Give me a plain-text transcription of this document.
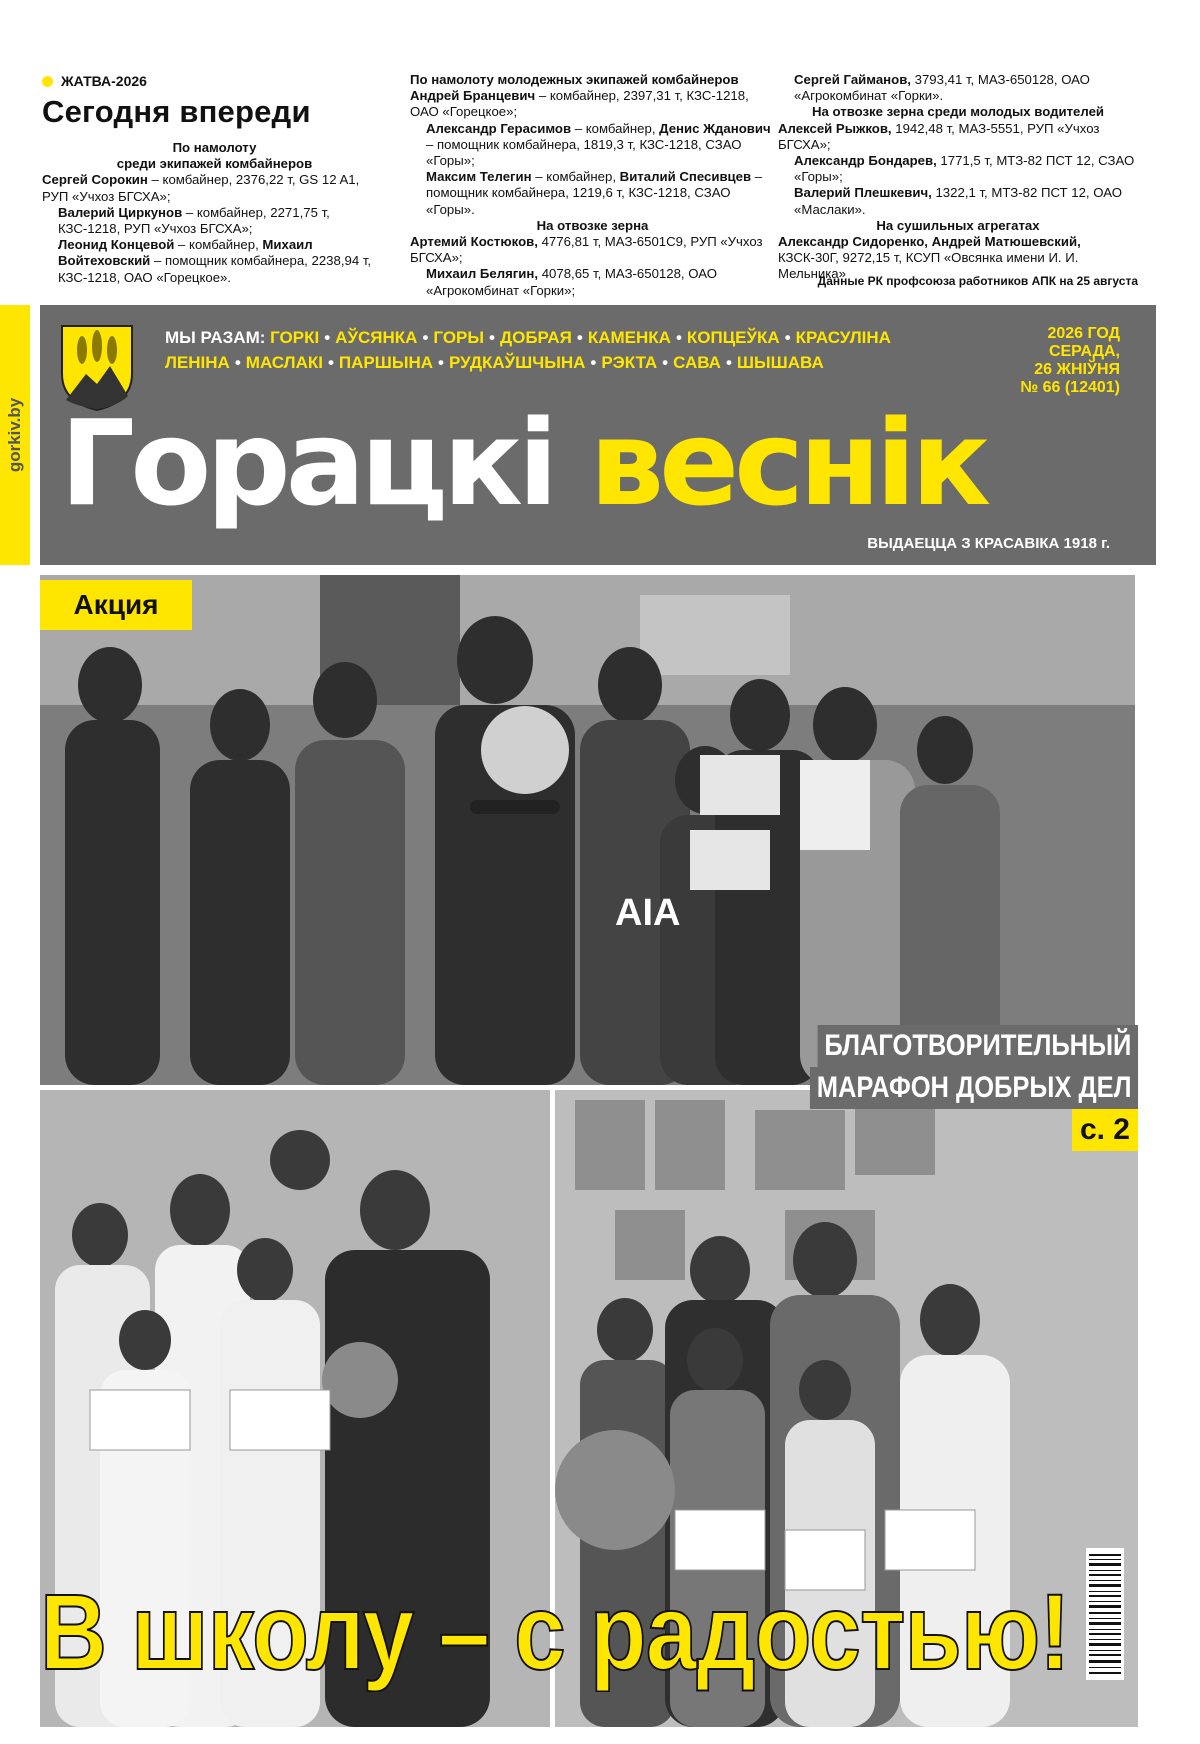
ЖАТВА-2026
Сегодня впереди

По намолоту

среди экипажей комбайнеров

Сергей Сорокин – комбайнер, 2376,22 т, GS 12 A1, РУП «Учхоз БГСХА»;

Валерий Циркунов – комбайнер, 2271,75 т, КЗС-1218, РУП «Учхоз БГСХА»;

Леонид Концевой – комбайнер, Михаил Войтеховский – помощник комбайнера, 2238,94 т, КЗС-1218, ОАО «Горецкое».

По намолоту молодежных экипажей комбайнеров

Андрей Бранцевич – комбайнер, 2397,31 т, КЗС-1218, ОАО «Горецкое»;

Александр Герасимов – комбайнер, Денис Жданович – помощник комбайнера, 1819,3 т, КЗС-1218, СЗАО «Горы»;

Максим Телегин – комбайнер, Виталий Спесивцев – помощник комбайнера, 1219,6 т, КЗС-1218, СЗАО «Горы».

На отвозке зерна

Артемий Костюков, 4776,81 т, МАЗ-6501С9, РУП «Учхоз БГСХА»;

Михаил Белягин, 4078,65 т, МАЗ-650128, ОАО «Агрокомбинат «Горки»;

Сергей Гайманов, 3793,41 т, МАЗ-650128, ОАО «Агрокомбинат «Горки».

На отвозке зерна среди молодых водителей

Алексей Рыжков, 1942,48 т, МАЗ-5551, РУП «Учхоз БГСХА»;

Александр Бондарев, 1771,5 т, МТЗ-82 ПСТ 12, СЗАО «Горы»;

Валерий Плешкевич, 1322,1 т, МТЗ-82 ПСТ 12, ОАО «Маслаки».

На сушильных агрегатах

Александр Сидоренко, Андрей Матюшевский, КЗСК-30Г, 9272,15 т, КСУП «Овсянка имени И. И. Мельника»

Данные РК профсоюза работников АПК на 25 августа
gorkiv.by
МЫ РАЗАМ: ГОРКІ • АЎСЯНКА • ГОРЫ • ДОБРАЯ • КАМЕНКА • КОПЦЕЎКА • КРАСУЛІНА
ЛЕНІНА • МАСЛАКІ • ПАРШЫНА • РУДКАЎШЧЫНА • РЭКТА • САВА • ШЫШАВА
2026 ГОД
СЕРАДА,
26 ЖНІЎНЯ
№ 66 (12401)
Горацкі веснік
ВЫДАЕЦЦА З КРАСАВІКА 1918 г.
AIA
Акция
БЛАГОТВОРИТЕЛЬНЫЙ
МАРАФОН ДОБРЫХ ДЕЛ
с. 2
В школу – с радостью!
ФОТО МИХАИЛА ЛЕВЦОВА
